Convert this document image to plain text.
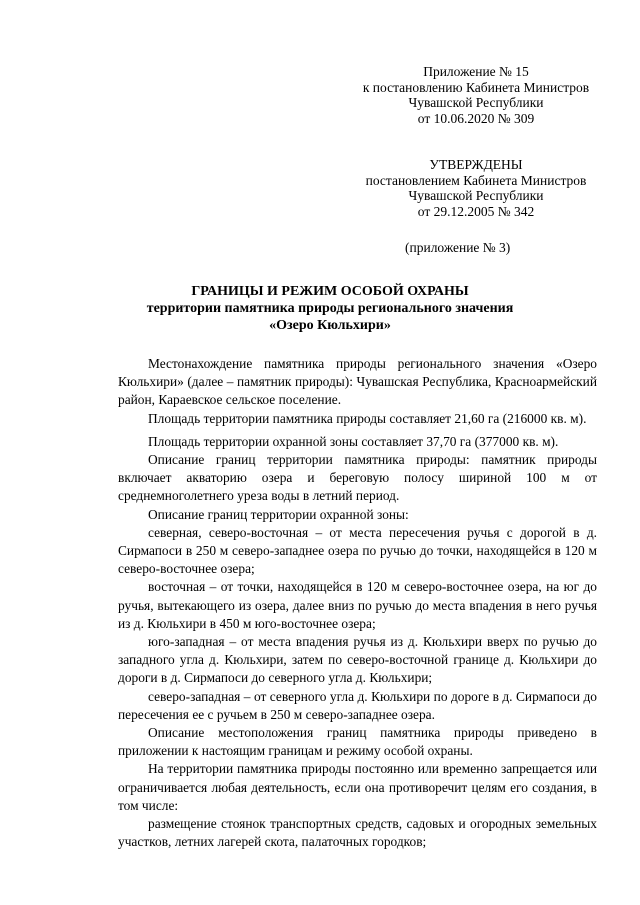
Приложение № 15
к постановлению Кабинета Министров
Чувашской Республики
от 10.06.2020 № 309
УТВЕРЖДЕНЫ
постановлением Кабинета Министров
Чувашской Республики
от 29.12.2005 № 342
(приложение № 3)
ГРАНИЦЫ И РЕЖИМ ОСОБОЙ ОХРАНЫ
территории памятника природы регионального значения
«Озеро Кюльхири»

Местонахождение памятника природы регионального значения «Озеро Кюльхири» (далее – памятник природы): Чувашская Республика, Красноармейский район, Караевское сельское поселение.

Площадь территории памятника природы составляет 21,60 га (216000 кв. м).

Площадь территории охранной зоны составляет 37,70 га (377000 кв. м).

Описание границ территории памятника природы: памятник природы включает акваторию озера и береговую полосу шириной 100 м от среднемноголетнего уреза воды в летний период.

Описание границ территории охранной зоны:

северная, северо-восточная – от места пересечения ручья с дорогой в д. Сирмапоси в 250 м северо-западнее озера по ручью до точки, находящейся в 120 м северо-восточнее озера;

восточная – от точки, находящейся в 120 м северо-восточнее озера, на юг до ручья, вытекающего из озера, далее вниз по ручью до места впадения в него ручья из д. Кюльхири в 450 м юго-восточнее озера;

юго-западная – от места впадения ручья из д. Кюльхири вверх по ручью до западного угла д. Кюльхири, затем по северо-восточной границе д. Кюльхири до дороги в д. Сирмапоси до северного угла д. Кюльхири;

северо-западная – от северного угла д. Кюльхири по дороге в д. Сирмапоси до пересечения ее с ручьем в 250 м северо-западнее озера.

Описание местоположения границ памятника природы приведено в приложении к настоящим границам и режиму особой охраны.

На территории памятника природы постоянно или временно запрещается или ограничивается любая деятельность, если она противоречит целям его создания, в том числе:

размещение стоянок транспортных средств, садовых и огородных земельных участков, летних лагерей скота, палаточных городков;
